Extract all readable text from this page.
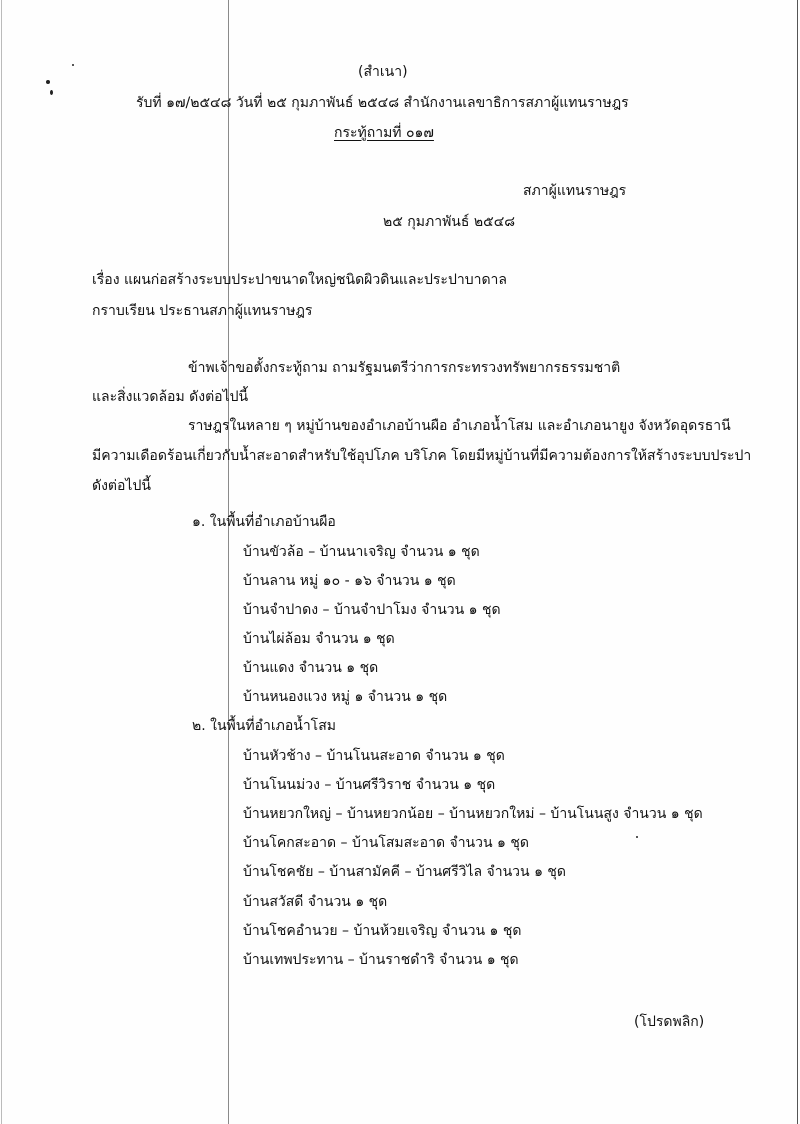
(สำเนา)
รับที่ ๑๗/๒๕๔๘ วันที่ ๒๕ กุมภาพันธ์ ๒๕๔๘ สำนักงานเลขาธิการสภาผู้แทนราษฎร
กระทู้ถามที่ ๐๑๗
สภาผู้แทนราษฎร
๒๕ กุมภาพันธ์ ๒๕๔๘
เรื่อง แผนก่อสร้างระบบประปาขนาดใหญ่ชนิดผิวดินและประปาบาดาล
กราบเรียน ประธานสภาผู้แทนราษฎร
ข้าพเจ้าขอตั้งกระทู้ถาม ถามรัฐมนตรีว่าการกระทรวงทรัพยากรธรรมชาติ
และสิ่งแวดล้อม ดังต่อไปนี้
ราษฎรในหลาย ๆ หมู่บ้านของอำเภอบ้านผือ อำเภอน้ำโสม และอำเภอนายูง จังหวัดอุดรธานี
มีความเดือดร้อนเกี่ยวกับน้ำสะอาดสำหรับใช้อุปโภค บริโภค โดยมีหมู่บ้านที่มีความต้องการให้สร้างระบบประปา
ดังต่อไปนี้
๑. ในพื้นที่อำเภอบ้านผือ
บ้านขัวล้อ – บ้านนาเจริญ จำนวน ๑ ชุด
บ้านลาน หมู่ ๑๐ - ๑๖ จำนวน ๑ ชุด
บ้านจำปาดง – บ้านจำปาโมง จำนวน ๑ ชุด
บ้านไผ่ล้อม จำนวน ๑ ชุด
บ้านแดง จำนวน ๑ ชุด
บ้านหนองแวง หมู่ ๑ จำนวน ๑ ชุด
๒. ในพื้นที่อำเภอน้ำโสม
บ้านหัวช้าง – บ้านโนนสะอาด จำนวน ๑ ชุด
บ้านโนนม่วง – บ้านศรีวิราช จำนวน ๑ ชุด
บ้านหยวกใหญ่ – บ้านหยวกน้อย – บ้านหยวกใหม่ – บ้านโนนสูง จำนวน ๑ ชุด
บ้านโคกสะอาด – บ้านโสมสะอาด จำนวน ๑ ชุด
บ้านโชคชัย – บ้านสามัคคี – บ้านศรีวิไล จำนวน ๑ ชุด
บ้านสวัสดี จำนวน ๑ ชุด
บ้านโชคอำนวย – บ้านห้วยเจริญ จำนวน ๑ ชุด
บ้านเทพประทาน – บ้านราชดำริ จำนวน ๑ ชุด
(โปรดพลิก)
